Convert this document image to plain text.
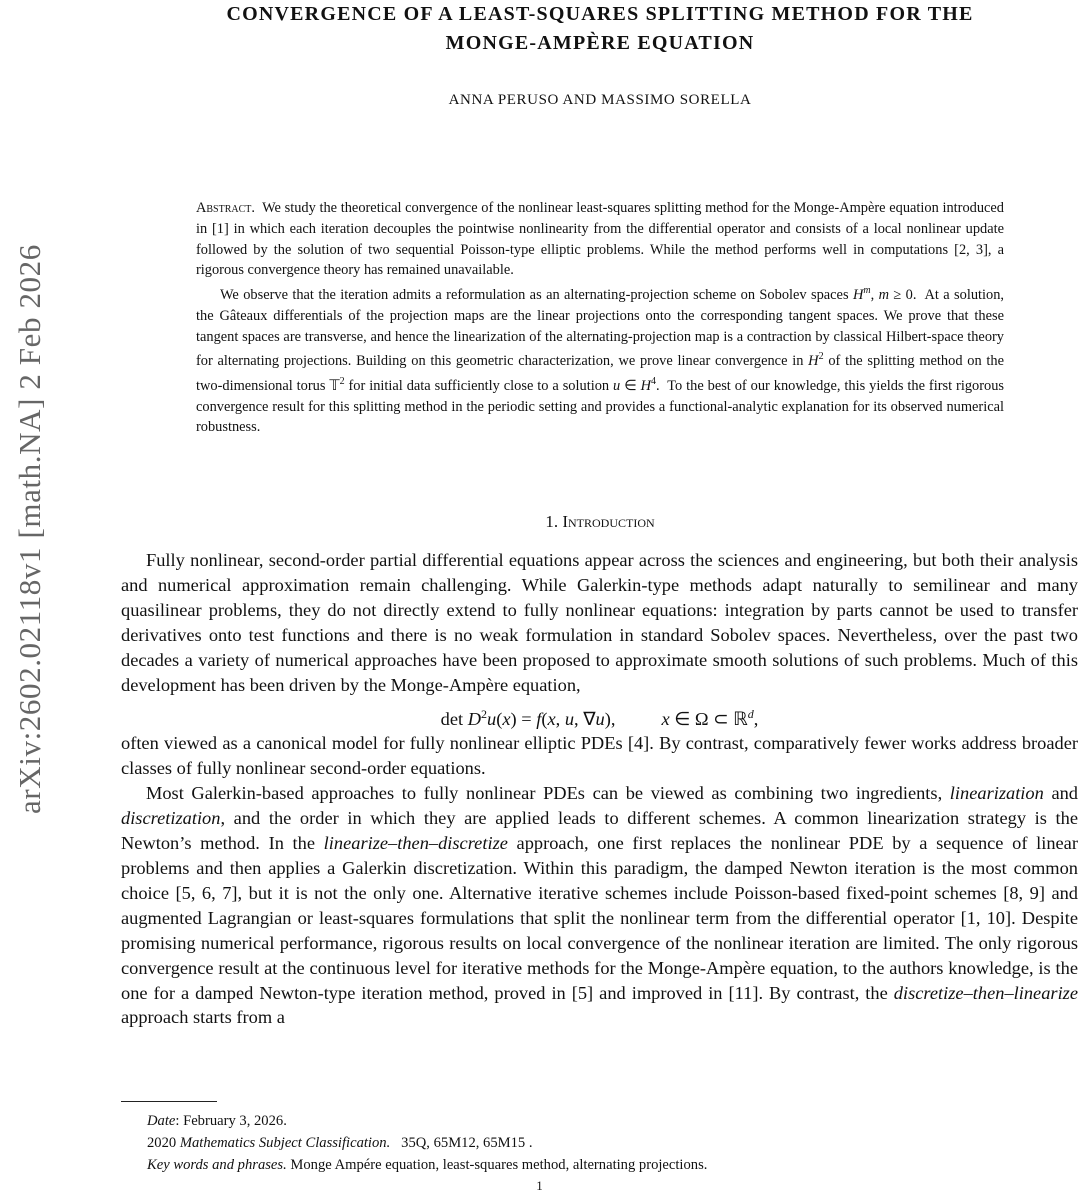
arXiv:2602.02118v1 [math.NA] 2 Feb 2026
CONVERGENCE OF A LEAST-SQUARES SPLITTING METHOD FOR THE
MONGE-AMPÈRE EQUATION
ANNA PERUSO AND MASSIMO SORELLA

Abstract. We study the theoretical convergence of the nonlinear least-squares splitting method for the Monge-Ampère equation introduced in [1] in which each iteration decouples the pointwise nonlinearity from the differential operator and consists of a local nonlinear update followed by the solution of two sequential Poisson-type elliptic problems. While the method performs well in computations [2, 3], a rigorous convergence theory has remained unavailable.

We observe that the iteration admits a reformulation as an alternating-projection scheme on Sobolev spaces $H^m$, m ≥ 0.  At a solution, the Gâteaux differentials of the projection maps are the linear projections onto the corresponding tangent spaces. We prove that these tangent spaces are transverse, and hence the linearization of the alternating-projection map is a contraction by classical Hilbert-space theory for alternating projections. Building on this geometric characterization, we prove linear convergence in $H^2$ of the splitting method on the two-dimensional torus 𝕋$^2$ for initial data sufficiently close to a solution u ∈ $H^4$.  To the best of our knowledge, this yields the first rigorous convergence result for this splitting method in the periodic setting and provides a functional-analytic explanation for its observed numerical robustness.

1. Introduction

Fully nonlinear, second-order partial differential equations appear across the sciences and engineering, but both their analysis and numerical approximation remain challenging. While Galerkin-type methods adapt naturally to semilinear and many quasilinear problems, they do not directly extend to fully nonlinear equations: integration by parts cannot be used to transfer derivatives onto test functions and there is no weak formulation in standard Sobolev spaces. Nevertheless, over the past two decades a variety of numerical approaches have been proposed to approximate smooth solutions of such problems. Much of this development has been driven by the Monge-Ampère equation,

$\det D^2u(x) = f(x$, u, ∇u),	x ∈ Ω ⊂ ℝ$^d$,

often viewed as a canonical model for fully nonlinear elliptic PDEs [4]. By contrast, comparatively fewer works address broader classes of fully nonlinear second-order equations.

Most Galerkin-based approaches to fully nonlinear PDEs can be viewed as combining two ingredients, linearization and discretization, and the order in which they are applied leads to different schemes. A common linearization strategy is the Newton’s method. In the linearize–then–discretize approach, one first replaces the nonlinear PDE by a sequence of linear problems and then applies a Galerkin discretization. Within this paradigm, the damped Newton iteration is the most common choice [5, 6, 7], but it is not the only one. Alternative iterative schemes include Poisson-based fixed-point schemes [8, 9] and augmented Lagrangian or least-squares formulations that split the nonlinear term from the differential operator [1, 10]. Despite promising numerical performance, rigorous results on local convergence of the nonlinear iteration are limited. The only rigorous convergence result at the continuous level for iterative methods for the Monge-Ampère equation, to the authors knowledge, is the one for a damped Newton-type iteration method, proved in [5] and improved in [11]. By contrast, the discretize–then–linearize approach starts from a

Date: February 3, 2026.
2020 Mathematics Subject Classification. 35Q, 65M12, 65M15 .
Key words and phrases. Monge Ampére equation, least-squares method, alternating projections.
1
